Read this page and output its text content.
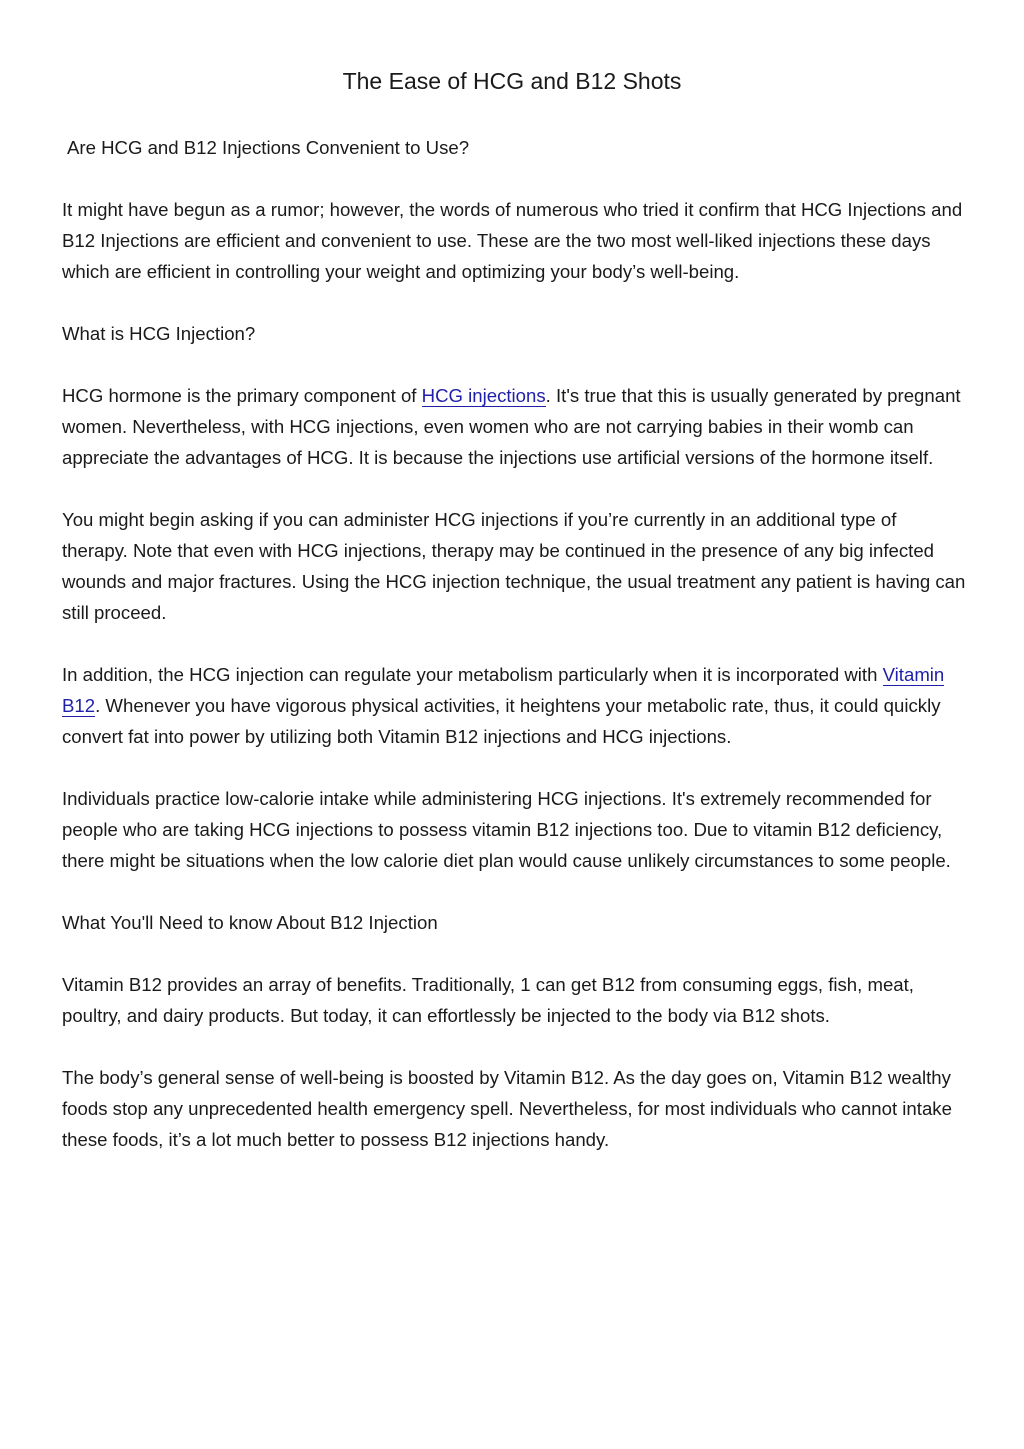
The Ease of HCG and B12 Shots

Are HCG and B12 Injections Convenient to Use?

It might have begun as a rumor; however, the words of numerous who tried it confirm that HCG Injections and B12 Injections are efficient and convenient to use. These are the two most well-liked injections these days which are efficient in controlling your weight and optimizing your body’s well-being.

What is HCG Injection?

HCG hormone is the primary component of HCG injections. It's true that this is usually generated by pregnant women. Nevertheless, with HCG injections, even women who are not carrying babies in their womb can appreciate the advantages of HCG. It is because the injections use artificial versions of the hormone itself.

You might begin asking if you can administer HCG injections if you’re currently in an additional type of therapy. Note that even with HCG injections, therapy may be continued in the presence of any big infected wounds and major fractures. Using the HCG injection technique, the usual treatment any patient is having can still proceed.

In addition, the HCG injection can regulate your metabolism particularly when it is incorporated with Vitamin B12. Whenever you have vigorous physical activities, it heightens your metabolic rate, thus, it could quickly convert fat into power by utilizing both Vitamin B12 injections and HCG injections.

Individuals practice low-calorie intake while administering HCG injections. It's extremely recommended for people who are taking HCG injections to possess vitamin B12 injections too. Due to vitamin B12 deficiency, there might be situations when the low calorie diet plan would cause unlikely circumstances to some people.

What You'll Need to know About B12 Injection

Vitamin B12 provides an array of benefits. Traditionally, 1 can get B12 from consuming eggs, fish, meat, poultry, and dairy products. But today, it can effortlessly be injected to the body via B12 shots.

The body’s general sense of well-being is boosted by Vitamin B12. As the day goes on, Vitamin B12 wealthy foods stop any unprecedented health emergency spell. Nevertheless, for most individuals who cannot intake these foods, it’s a lot much better to possess B12 injections handy.
